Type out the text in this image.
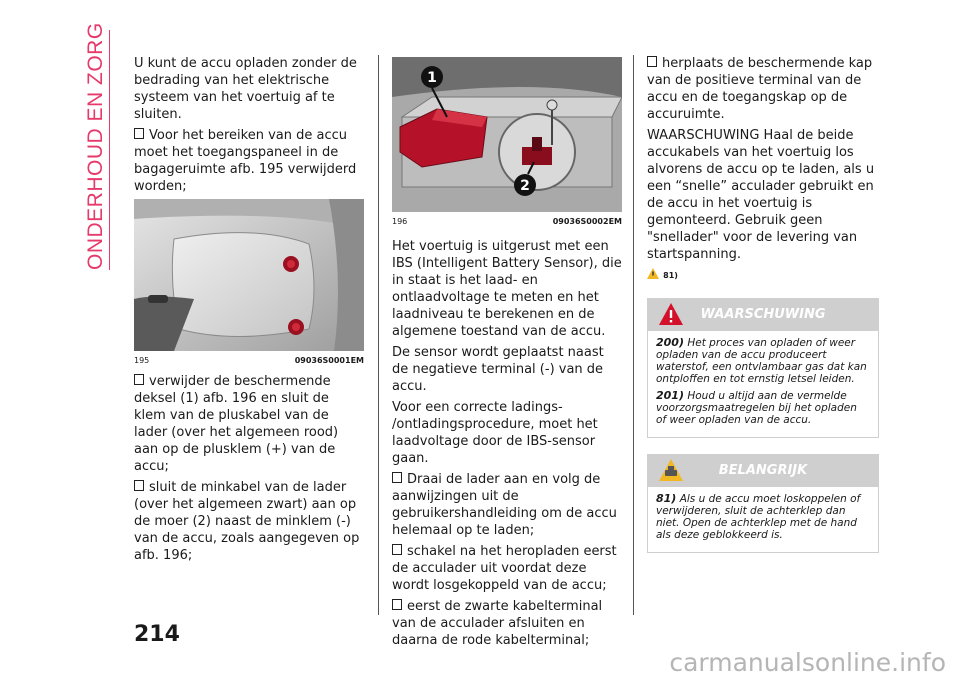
ONDERHOUD EN ZORG U kunt de accu opladen zonder de bedrading van het elektrische systeem van het voertuig af te sluiten.

Voor het bereiken van de accu moet het toegangspaneel in de bagageruimte afb. 195 verwijderd worden;

195	09036S0001EM

verwijder de beschermende deksel (1) afb. 196 en sluit de klem van de pluskabel van de lader (over het algemeen rood) aan op de plusklem (+) van de accu;

sluit de minkabel van de lader (over het algemeen zwart) aan op de moer (2) naast de minklem (-) van de accu, zoals aangegeven op afb. 196;

1
2
196	09036S0002EM

Het voertuig is uitgerust met een IBS (Intelligent Battery Sensor), die in staat is het laad- en ontlaadvoltage te meten en het laadniveau te berekenen en de algemene toestand van de accu.

De sensor wordt geplaatst naast de negatieve terminal (-) van de accu.

Voor een correcte ladings- /ontladingsprocedure, moet het laadvoltage door de IBS-sensor gaan.

Draai de lader aan en volg de aanwijzingen uit de gebruikershandleiding om de accu helemaal op te laden;

schakel na het heropladen eerst de acculader uit voordat deze wordt losgekoppeld van de accu;

eerst de zwarte kabelterminal van de acculader afsluiten en daarna de rode kabelterminal;

herplaats de beschermende kap van de positieve terminal van de accu en de toegangskap op de accuruimte.

WAARSCHUWING Haal de beide accukabels van het voertuig los alvorens de accu op te laden, als u een “snelle” acculader gebruikt en de accu in het voertuig is gemonteerd. Gebruik geen "snellader" voor de levering van startspanning.

81)

WAARSCHUWING

200) Het proces van opladen of weer opladen van de accu produceert waterstof, een ontvlambaar gas dat kan ontploffen en tot ernstig letsel leiden.

201) Houd u altijd aan de vermelde voorzorgsmaatregelen bij het opladen of weer opladen van de accu.

BELANGRIJK

81) Als u de accu moet loskoppelen of verwijderen, sluit de achterklep dan niet. Open de achterklep met de hand als deze geblokkeerd is.

214
carmanualsonline.info
